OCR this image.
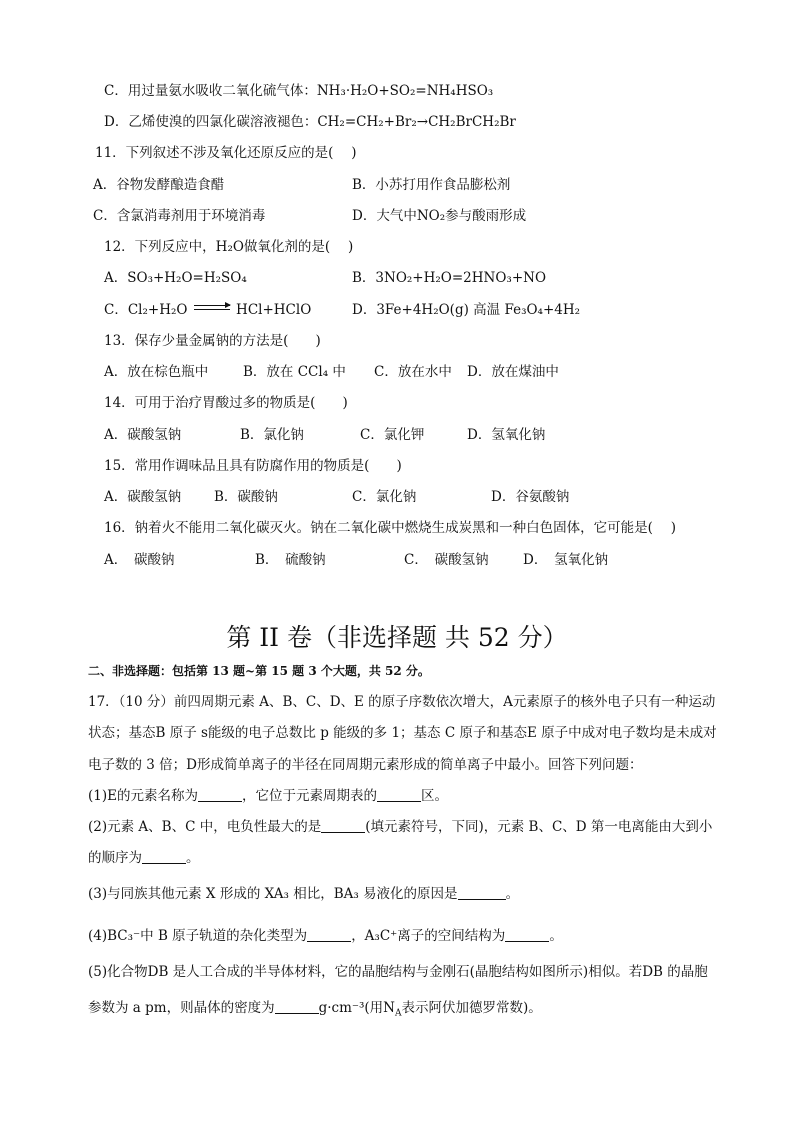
C．用过量氨水吸收二氧化硫气体：NH₃·H₂O+SO₂=NH₄HSO₃
D．乙烯使溴的四氯化碳溶液褪色：CH₂=CH₂+Br₂→CH₂BrCH₂Br
11．下列叙述不涉及氧化还原反应的是(　 )
A．谷物发酵酿造食醋	B．小苏打用作食品膨松剂
C．含氯消毒剂用于环境消毒	D．大气中NO₂参与酸雨形成
12．下列反应中，H₂O做氧化剂的是(　 )
A．SO₃+H₂O=H₂SO₄	B．3NO₂+H₂O=2HNO₃+NO
C．Cl₂+H₂O	HCl+HClO	D．3Fe+4H₂O(g) 高温 Fe₃O₄+4H₂
13．保存少量金属钠的方法是(　　)
A．放在棕色瓶中	B．放在 CCl₄ 中 C．放在水中 D．放在煤油中
14．可用于治疗胃酸过多的物质是(　　)
A．碳酸氢钠	B．氯化钠	C．氯化钾	D．氢氧化钠
15．常用作调味品且具有防腐作用的物质是(　　)
A．碳酸氢钠 B．碳酸钠	C．氯化钠	D．谷氨酸钠
16．钠着火不能用二氧化碳灭火。钠在二氧化碳中燃烧生成炭黑和一种白色固体，它可能是(　 )
A．　碳酸钠	B．　硫酸钠	C．　碳酸氢钠	D．　氢氧化钠
第 II 卷（非选择题 共 52 分）
二、非选择题：包括第 13 题~第 15 题 3 个大题，共 52 分。
17．（10 分）前四周期元素 A、B、C、D、E 的原子序数依次增大，A元素原子的核外电子只有一种运动
状态；基态B 原子 s能级的电子总数比 p 能级的多 1；基态 C 原子和基态E 原子中成对电子数均是未成对
电子数的 3 倍；D形成简单离子的半径在同周期元素形成的简单离子中最小。回答下列问题：
(1)E的元素名称为	，它位于元素周期表的	区。
(2)元素 A、B、C 中，电负性最大的是	(填元素符号，下同)，元素 B、C、D 第一电离能由大到小
的顺序为	。
(3)与同族其他元素 X 形成的 XA₃ 相比，BA₃ 易液化的原因是	。
(4)BC₃⁻中 B 原子轨道的杂化类型为	，A₃C⁺离子的空间结构为	。
(5)化合物DB 是人工合成的半导体材料，它的晶胞结构与金刚石(晶胞结构如图所示)相似。若DB 的晶胞
参数为 a pm，则晶体的密度为	g·cm⁻³(用$N_A$表示阿伏加德罗常数)。
